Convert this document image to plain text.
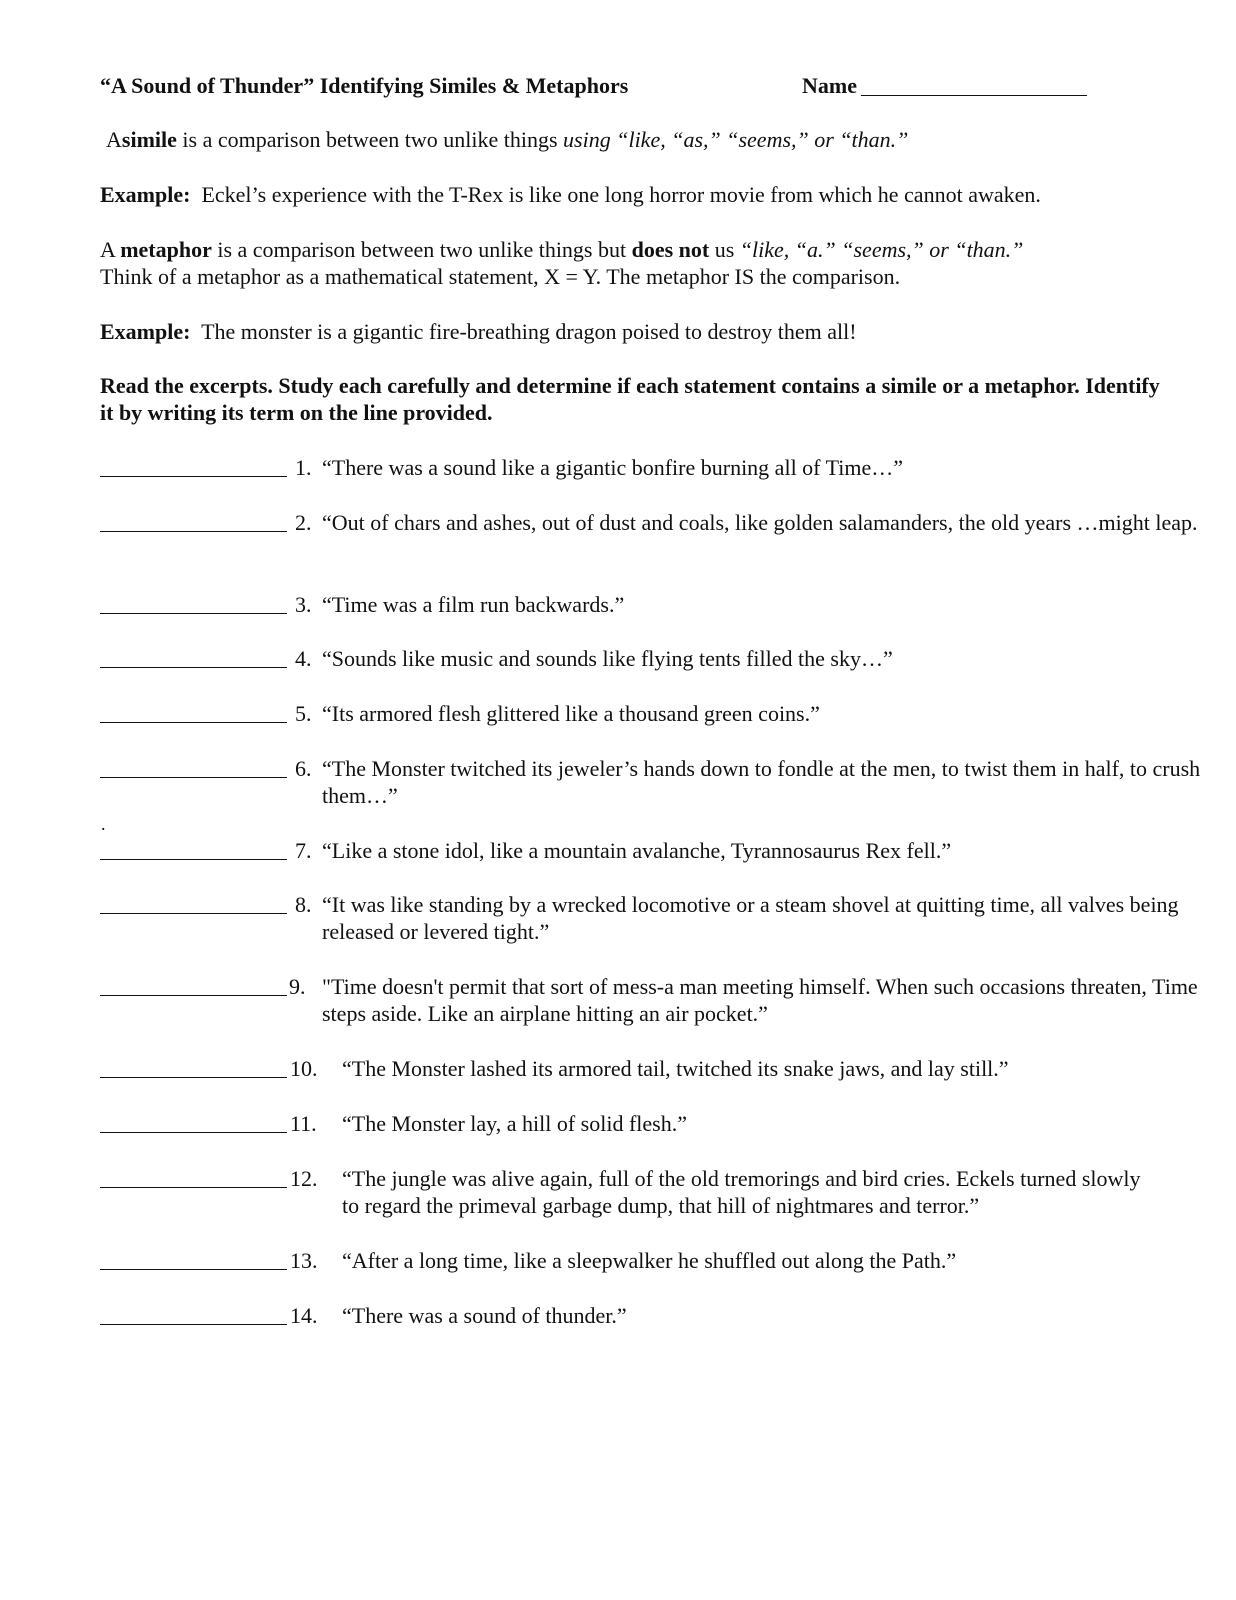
“A Sound of Thunder” Identifying Similes & Metaphors	Name
Asimile is a comparison between two unlike things using “like, “as,” “seems,” or “than.”
Example: Eckel’s experience with the T-Rex is like one long horror movie from which he cannot awaken.
A metaphor is a comparison between two unlike things but does not us “like, “a.” “seems,” or “than.”
Think of a metaphor as a mathematical statement, X = Y. The metaphor IS the comparison.
Example: The monster is a gigantic fire-breathing dragon poised to destroy them all!
Read the excerpts. Study each carefully and determine if each statement contains a simile or a metaphor. Identify it by writing its term on the line provided.
1. “There was a sound like a gigantic bonfire burning all of Time…”
2. “Out of chars and ashes, out of dust and coals, like golden salamanders, the old years …might leap.
3. “Time was a film run backwards.”
4. “Sounds like music and sounds like flying tents filled the sky…”
5. “Its armored flesh glittered like a thousand green coins.”
6. “The Monster twitched its jeweler’s hands down to fondle at the men, to twist them in half, to crush them…”
.
7. “Like a stone idol, like a mountain avalanche, Tyrannosaurus Rex fell.”
8. “It was like standing by a wrecked locomotive or a steam shovel at quitting time, all valves being released or levered tight.”
9. "Time doesn't permit that sort of mess-a man meeting himself. When such occasions threaten, Time steps aside. Like an airplane hitting an air pocket.”
10. “The Monster lashed its armored tail, twitched its snake jaws, and lay still.”
11. “The Monster lay, a hill of solid flesh.”
12. “The jungle was alive again, full of the old tremorings and bird cries. Eckels turned slowly to regard the primeval garbage dump, that hill of nightmares and terror.”
13. “After a long time, like a sleepwalker he shuffled out along the Path.”
14. “There was a sound of thunder.”
